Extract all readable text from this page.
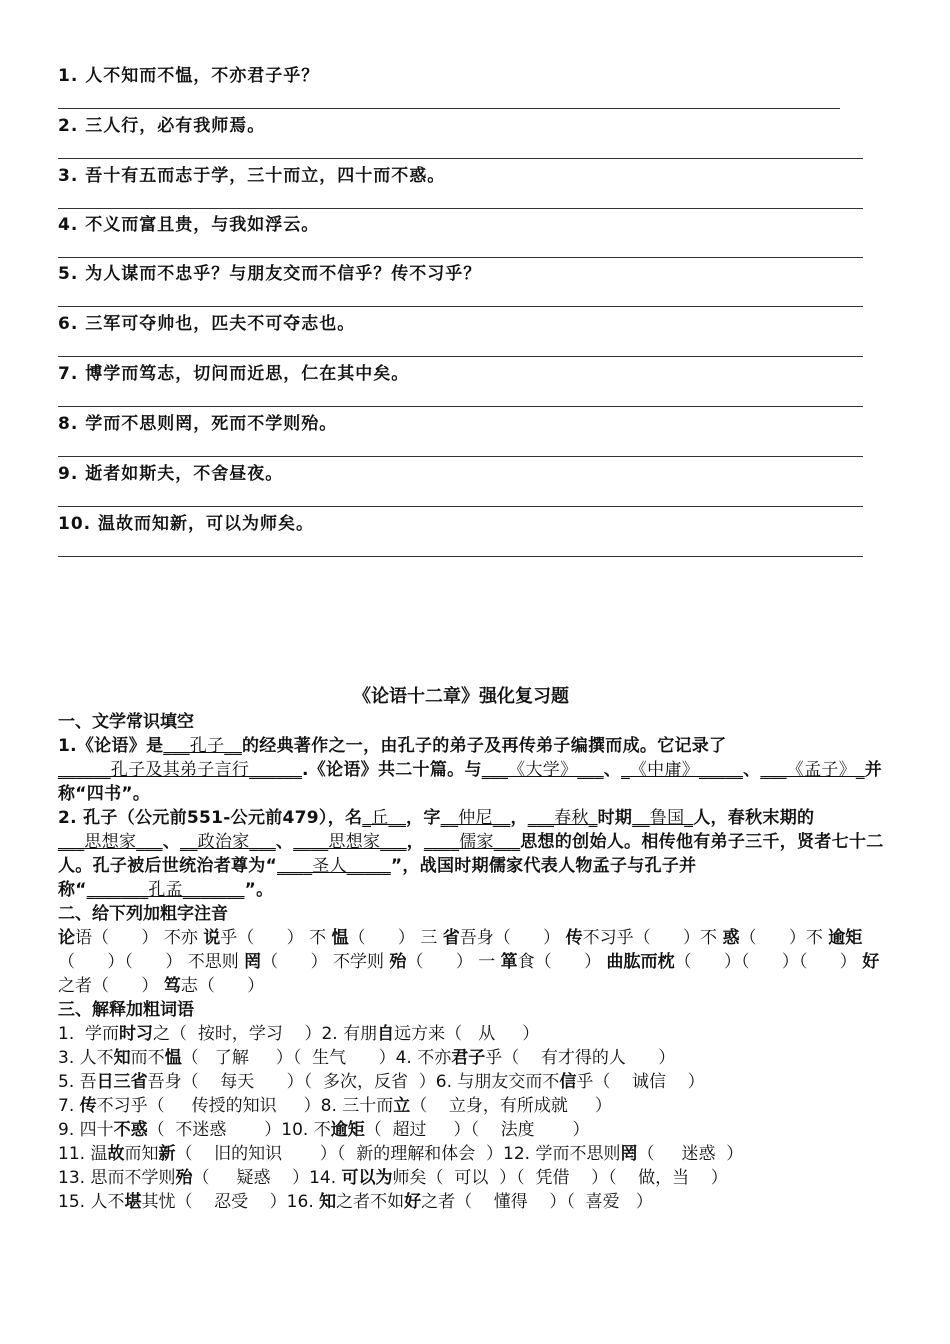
1. 人不知而不愠，不亦君子乎？
2. 三人行，必有我师焉。
3. 吾十有五而志于学，三十而立，四十而不惑。
4. 不义而富且贵，与我如浮云。
5. 为人谋而不忠乎？与朋友交而不信乎？传不习乎？
6. 三军可夺帅也，匹夫不可夺志也。
7. 博学而笃志，切问而近思，仁在其中矣。
8. 学而不思则罔，死而不学则殆。
9. 逝者如斯夫，不舍昼夜。
10. 温故而知新，可以为师矣。
《论语十二章》强化复习题
一、文学常识填空
1.《论语》是___孔子__的经典著作之一，由孔子的弟子及再传弟子编撰而成。它记录了______孔子及其弟子言行______.《论语》共二十篇。与___《大学》___、_《中庸》_____、___《孟子》_并称“四书”。
2. 孔子（公元前551-公元前479），名_丘__，字__仲尼__，___春秋_时期__鲁国_人，春秋末期的___思想家___、__政治家___、____思想家___，____儒家___思想的创始人。相传他有弟子三千，贤者七十二人。孔子被后世统治者尊为“____圣人_____”，战国时期儒家代表人物孟子与孔子并称“_______孔孟_______”。
二、给下列加粗字注音
论语（      ） 不亦 说乎（      ） 不 愠（      ） 三 省吾身（      ） 传不习乎（      ）不 惑（      ）不 逾矩（      ）（      ） 不思则 罔（      ） 不学则 殆（      ） 一 箪食（      ） 曲肱而枕（      ）（      ）（      ） 好之者（      ） 笃志（      ）
三、解释加粗词语
1.  学而时习之（  按时，学习    ）2. 有朋自远方来（   从     ）
3. 人不知而不愠（   了解     ）（  生气      ）4. 不亦君子乎（    有才得的人      ）
5. 吾日三省吾身（    每天      ）（  多次，反省  ）6. 与朋友交而不信乎（    诚信    ）
7. 传不习乎（     传授的知识     ）8. 三十而立（    立身，有所成就     ）
9. 四十不惑（  不迷惑       ）10. 不逾矩（  超过     ）（    法度       ）
11. 温故而知新（    旧的知识       ）（  新的理解和体会  ）12. 学而不思则罔（     迷惑  ）
13. 思而不学则殆（     疑惑    ）14. 可以为师矣（  可以  ）（  凭借    ）（    做，当    ）
15. 人不堪其忧（    忍受    ）16. 知之者不如好之者（    懂得    ）（  喜爱   ）
